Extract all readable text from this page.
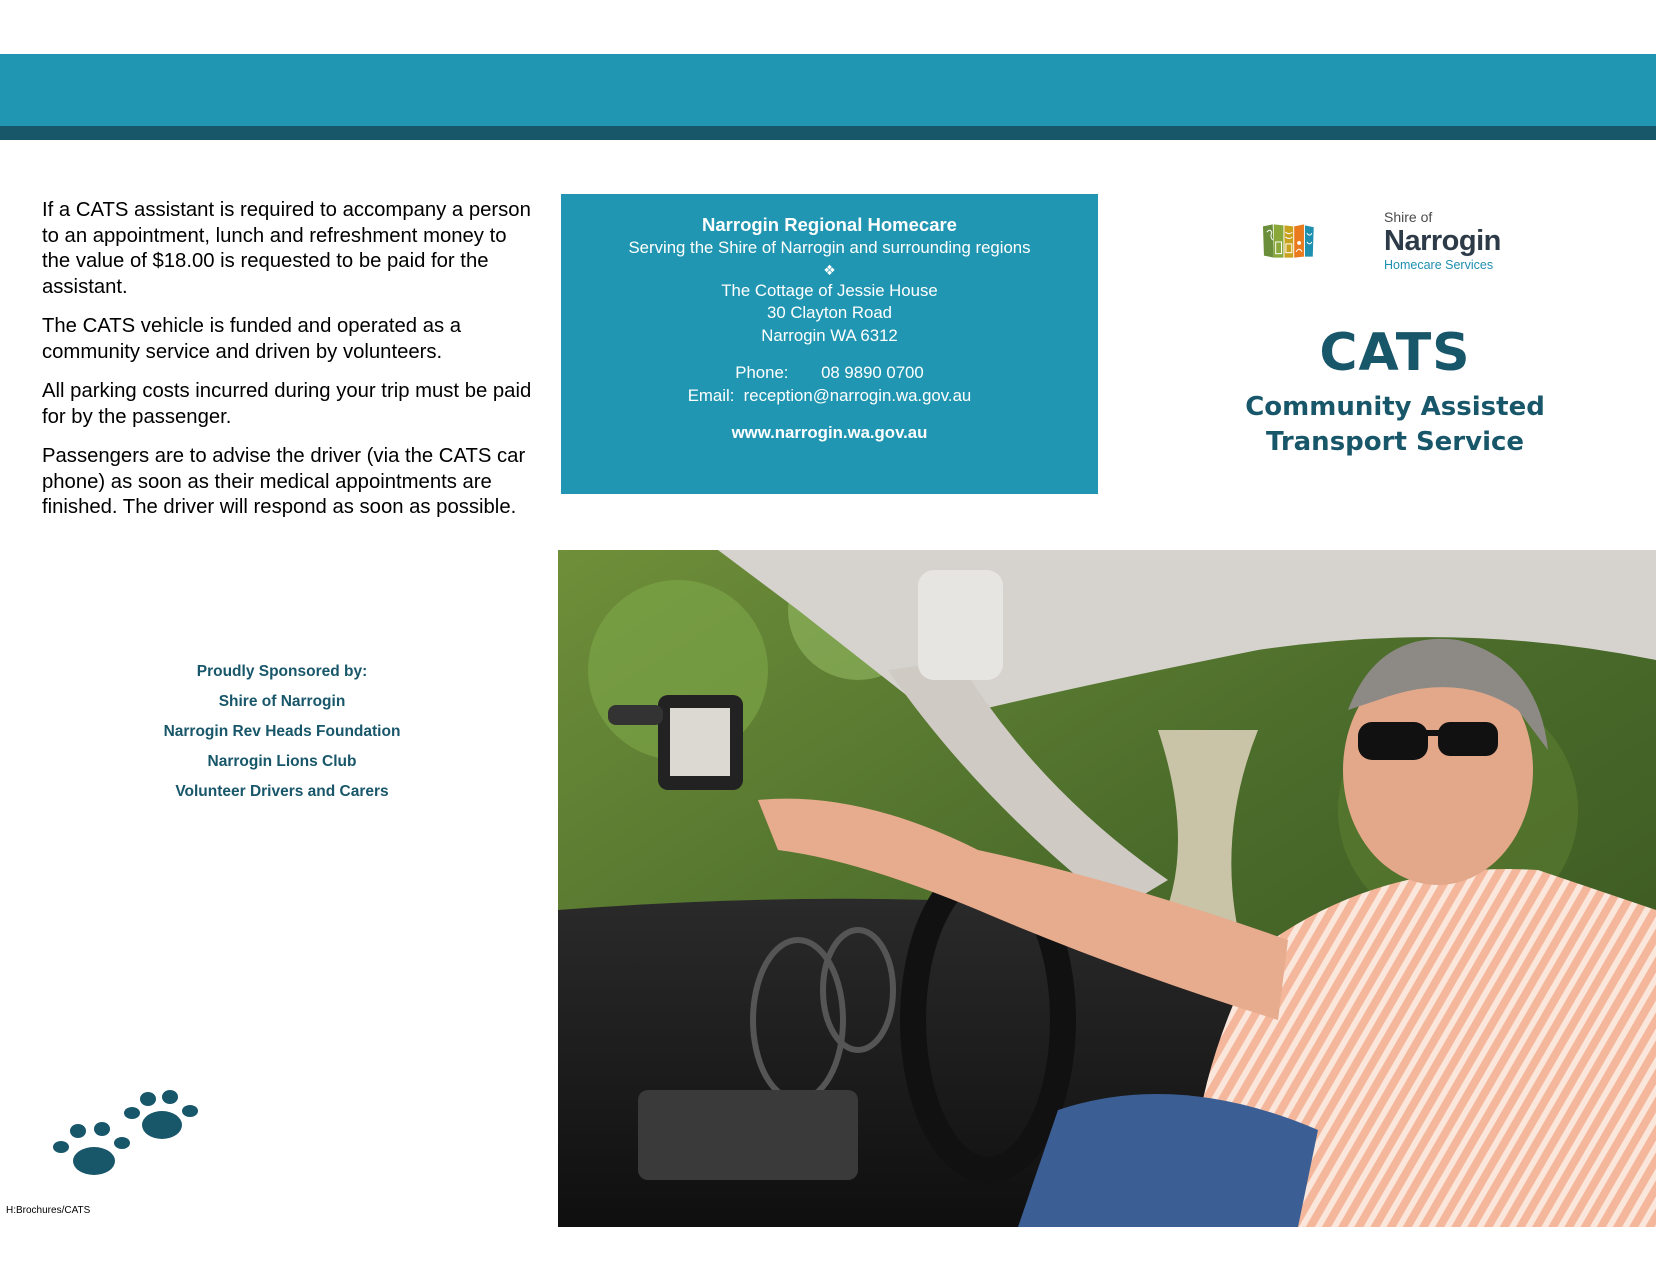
If a CATS assistant is required to accompany a person to an appointment, lunch and refreshment money to the value of $18.00 is requested to be paid for the assistant.

The CATS vehicle is funded and operated as a community service and driven by volunteers.

All parking costs incurred during your trip must be paid for by the passenger.

Passengers are to advise the driver (via the CATS car phone) as soon as their medical appointments are finished. The driver will respond as soon as possible.

Narrogin Regional Homecare
Serving the Shire of Narrogin and surrounding regions
❖
The Cottage of Jessie House
30 Clayton Road
Narrogin WA 6312
Phone:       08 9890 0700
Email:  reception@narrogin.wa.gov.au
www.narrogin.wa.gov.au
Shire of
Narrogin
Homecare Services
CATS
Community Assisted
Transport Service
Proudly Sponsored by:
Shire of Narrogin
Narrogin Rev Heads Foundation
Narrogin Lions Club
Volunteer Drivers and Carers
H:Brochures/CATS
